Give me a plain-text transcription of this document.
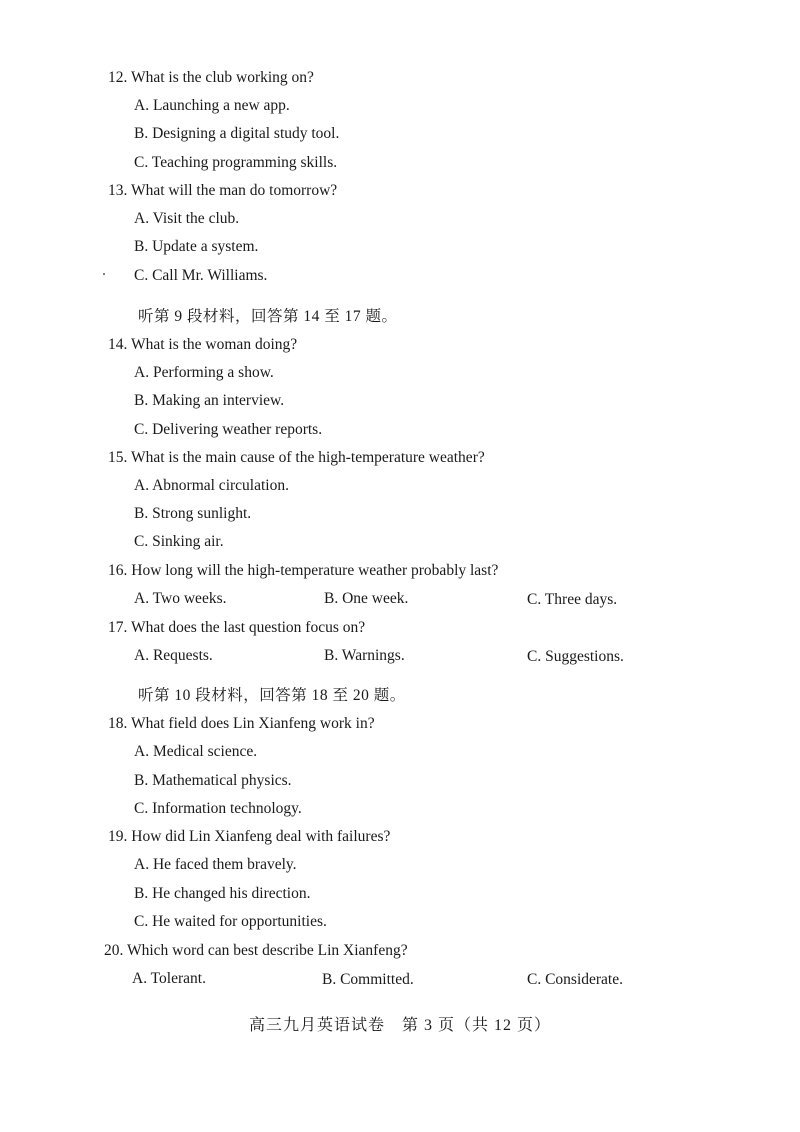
12. What is the club working on?
A. Launching a new app.
B. Designing a digital study tool.
C. Teaching programming skills.
13. What will the man do tomorrow?
A. Visit the club.
B. Update a system.
C. Call Mr. Williams.
听第 9 段材料，回答第 14 至 17 题。
14. What is the woman doing?
A. Performing a show.
B. Making an interview.
C. Delivering weather reports.
15. What is the main cause of the high-temperature weather?
A. Abnormal circulation.
B. Strong sunlight.
C. Sinking air.
16. How long will the high-temperature weather probably last?
A. Two weeks.	B. One week.	C. Three days.
17. What does the last question focus on?
A. Requests.	B. Warnings.	C. Suggestions.
听第 10 段材料，回答第 18 至 20 题。
18. What field does Lin Xianfeng work in?
A. Medical science.
B. Mathematical physics.
C. Information technology.
19. How did Lin Xianfeng deal with failures?
A. He faced them bravely.
B. He changed his direction.
C. He waited for opportunities.
20. Which word can best describe Lin Xianfeng?
A. Tolerant.	B. Committed.	C. Considerate.
高三九月英语试卷　第 3 页（共 12 页）
